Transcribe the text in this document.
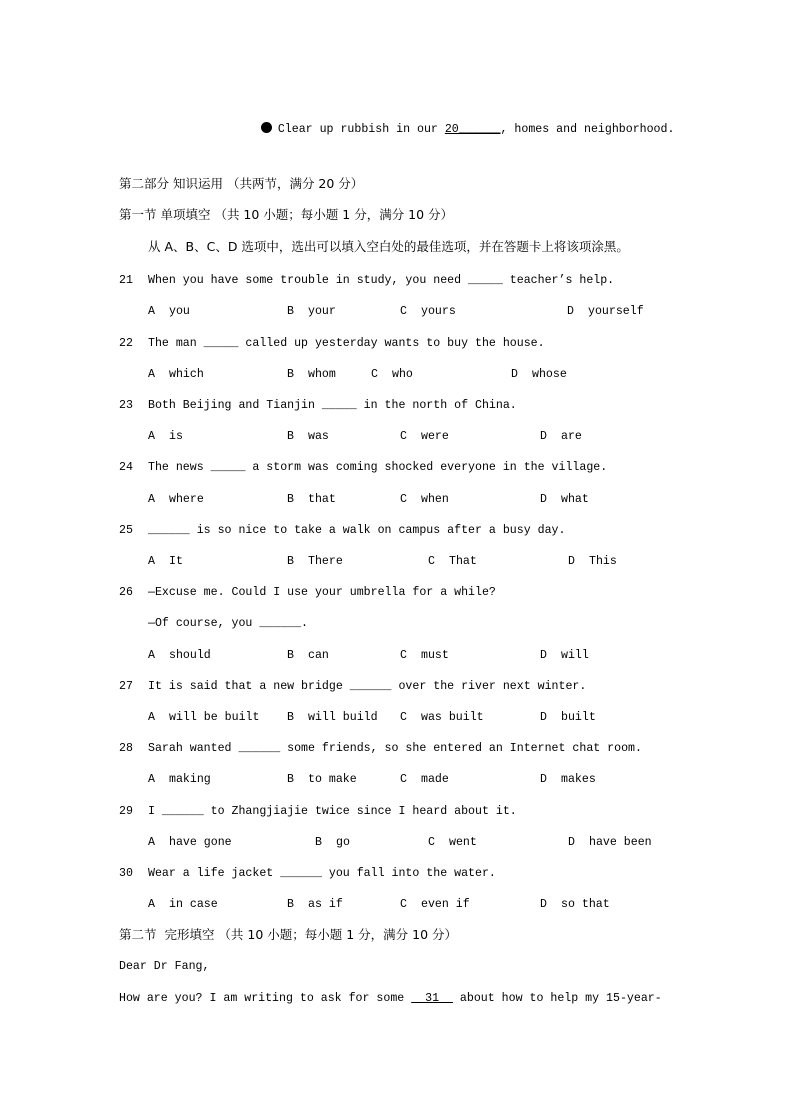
Clear up rubbish in our 20______, homes and neighborhood.

第二部分 知识运用 （共两节，满分 20 分）
第一节 单项填空 （共 10 小题；每小题 1 分，满分 10 分）
从 A、B、C、D 选项中，选出可以填入空白处的最佳选项，并在答题卡上将该项涂黑。
21 When you have some trouble in study, you need _____ teacher’s help.
A you	B your	C yours	D yourself
22 The man _____ called up yesterday wants to buy the house.
A which	B whom	C who	D whose
23 Both Beijing and Tianjin _____ in the north of China.
A is	B was	C were	D are
24 The news _____ a storm was coming shocked everyone in the village.
A where	B that	C when	D what
25 ______ is so nice to take a walk on campus after a busy day.
A It	B There	C That	D This
26 —Excuse me. Could I use your umbrella for a while?
—Of course, you ______.
A should	B can	C must	D will
27 It is said that a new bridge ______ over the river next winter.
A will be built B will build C was built	D built
28 Sarah wanted ______ some friends, so she entered an Internet chat room.
A making	B to make	C made	D makes
29 I ______ to Zhangjiajie twice since I heard about it.
A have gone	B go	C went	D have been
30 Wear a life jacket ______ you fall into the water.
A in case	B as if	C even if	D so that
第二节  完形填空 （共 10 小题；每小题 1 分，满分 10 分）
Dear Dr Fang,
How are you? I am writing to ask for some   31   about how to help my 15-year-
